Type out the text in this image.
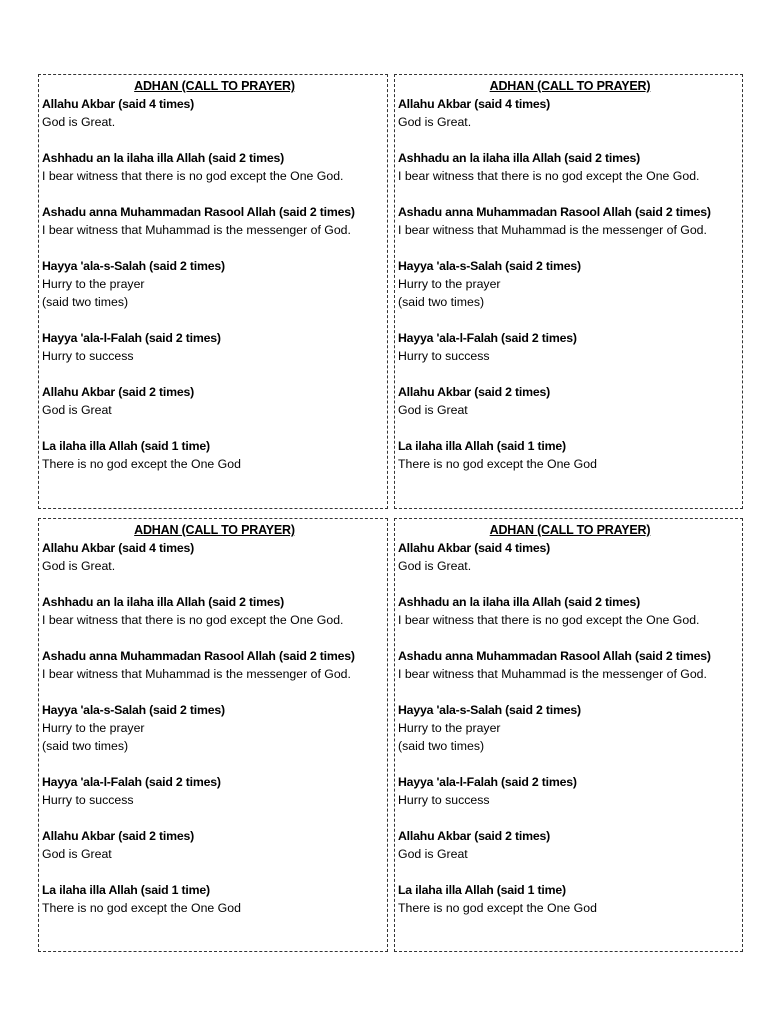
ADHAN (CALL TO PRAYER)
Allahu Akbar (said 4 times)
God is Great.
Ashhadu an la ilaha illa Allah (said 2 times)
I bear witness that there is no god except the One God.
Ashadu anna Muhammadan Rasool Allah (said 2 times)
I bear witness that Muhammad is the messenger of God.
Hayya 'ala-s-Salah (said 2 times)
Hurry to the prayer
(said two times)
Hayya 'ala-l-Falah (said 2 times)
Hurry to success
Allahu Akbar (said 2 times)
God is Great
La ilaha illa Allah (said 1 time)
There is no god except the One God
ADHAN (CALL TO PRAYER)
Allahu Akbar (said 4 times)
God is Great.
Ashhadu an la ilaha illa Allah (said 2 times)
I bear witness that there is no god except the One God.
Ashadu anna Muhammadan Rasool Allah (said 2 times)
I bear witness that Muhammad is the messenger of God.
Hayya 'ala-s-Salah (said 2 times)
Hurry to the prayer
(said two times)
Hayya 'ala-l-Falah (said 2 times)
Hurry to success
Allahu Akbar (said 2 times)
God is Great
La ilaha illa Allah (said 1 time)
There is no god except the One God
ADHAN (CALL TO PRAYER)
Allahu Akbar (said 4 times)
God is Great.
Ashhadu an la ilaha illa Allah (said 2 times)
I bear witness that there is no god except the One God.
Ashadu anna Muhammadan Rasool Allah (said 2 times)
I bear witness that Muhammad is the messenger of God.
Hayya 'ala-s-Salah (said 2 times)
Hurry to the prayer
(said two times)
Hayya 'ala-l-Falah (said 2 times)
Hurry to success
Allahu Akbar (said 2 times)
God is Great
La ilaha illa Allah (said 1 time)
There is no god except the One God
ADHAN (CALL TO PRAYER)
Allahu Akbar (said 4 times)
God is Great.
Ashhadu an la ilaha illa Allah (said 2 times)
I bear witness that there is no god except the One God.
Ashadu anna Muhammadan Rasool Allah (said 2 times)
I bear witness that Muhammad is the messenger of God.
Hayya 'ala-s-Salah (said 2 times)
Hurry to the prayer
(said two times)
Hayya 'ala-l-Falah (said 2 times)
Hurry to success
Allahu Akbar (said 2 times)
God is Great
La ilaha illa Allah (said 1 time)
There is no god except the One God
